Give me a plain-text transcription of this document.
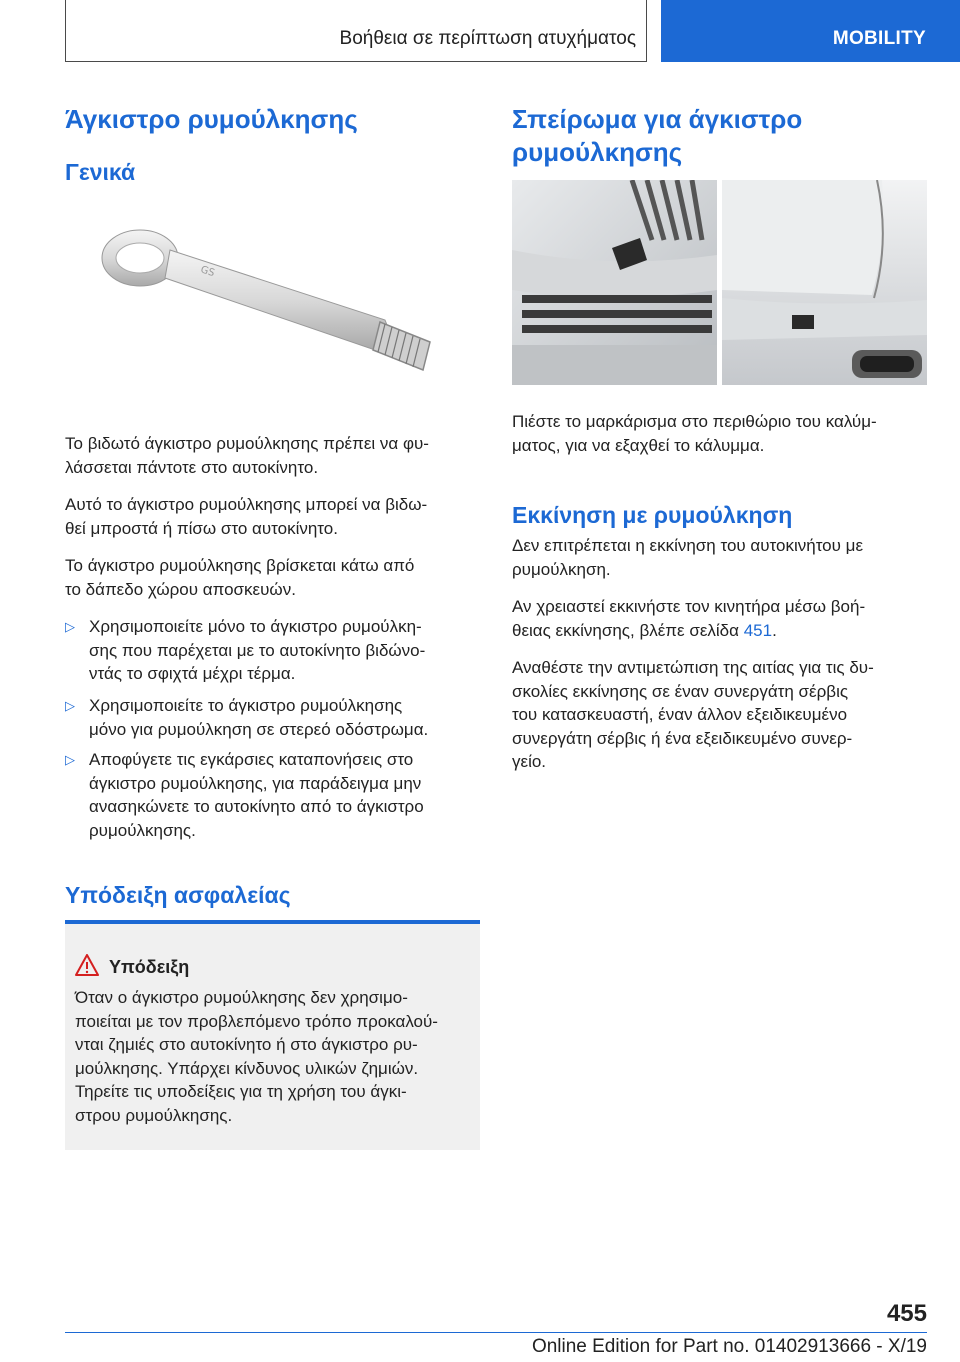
Βοήθεια σε περίπτωση ατυχήματος	MOBILITY
Άγκιστρο ρυμούλκησης
Γενικά
GS

Το βιδωτό άγκιστρο ρυμούλκησης πρέπει να φυ-
λάσσεται πάντοτε στο αυτοκίνητο.

Αυτό το άγκιστρο ρυμούλκησης μπορεί να βιδω-
θεί μπροστά ή πίσω στο αυτοκίνητο.

Το άγκιστρο ρυμούλκησης βρίσκεται κάτω από
το δάπεδο χώρου αποσκευών.

▷ Χρησιμοποιείτε μόνο το άγκιστρο ρυμούλκη-
σης που παρέχεται με το αυτοκίνητο βιδώνο-
ντάς το σφιχτά μέχρι τέρμα.
▷ Χρησιμοποιείτε το άγκιστρο ρυμούλκησης
μόνο για ρυμούλκηση σε στερεό οδόστρωμα.
▷ Αποφύγετε τις εγκάρσιες καταπονήσεις στο
άγκιστρο ρυμούλκησης, για παράδειγμα μην
ανασηκώνετε το αυτοκίνητο από το άγκιστρο
ρυμούλκησης.
Υπόδειξη ασφαλείας
Υπόδειξη
Όταν ο άγκιστρο ρυμούλκησης δεν χρησιμο-
ποιείται με τον προβλεπόμενο τρόπο προκαλού-
νται ζημιές στο αυτοκίνητο ή στο άγκιστρο ρυ-
μούλκησης. Υπάρχει κίνδυνος υλικών ζημιών.
Τηρείτε τις υποδείξεις για τη χρήση του άγκι-
στρου ρυμούλκησης.
Σπείρωμα για άγκιστρο
ρυμούλκησης

Πιέστε το μαρκάρισμα στο περιθώριο του καλύμ-
ματος, για να εξαχθεί το κάλυμμα.

Εκκίνηση με ρυμούλκηση

Δεν επιτρέπεται η εκκίνηση του αυτοκινήτου με
ρυμούλκηση.

Αν χρειαστεί εκκινήστε τον κινητήρα μέσω βοή-
θειας εκκίνησης, βλέπε σελίδα 451.

Αναθέστε την αντιμετώπιση της αιτίας για τις δυ-
σκολίες εκκίνησης σε έναν συνεργάτη σέρβις
του κατασκευαστή, έναν άλλον εξειδικευμένο
συνεργάτη σέρβις ή ένα εξειδικευμένο συνερ-
γείο.

455
Online Edition for Part no. 01402913666 - X/19
